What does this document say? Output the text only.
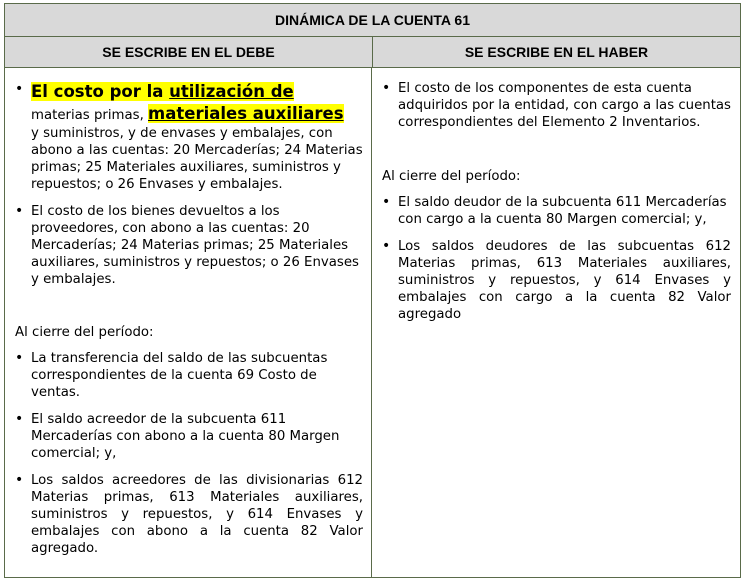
DINÁMICA DE LA CUENTA 61
SE ESCRIBE EN EL DEBE	SE ESCRIBE EN EL HABER
• El costo por la utilización de
materias primas, materiales auxiliares
y suministros, y de envases y embalajes, con abono a las cuentas: 20 Mercaderías; 24 Materias primas; 25 Materiales auxiliares, suministros y repuestos; o 26 Envases y embalajes.
• El costo de los bienes devueltos a los proveedores, con abono a las cuentas: 20 Mercaderías; 24 Materias primas; 25 Materiales auxiliares, suministros y repuestos; o 26 Envases y embalajes.
Al cierre del período:
• La transferencia del saldo de las subcuentas correspondientes de la cuenta 69 Costo de ventas.
• El saldo acreedor de la subcuenta 611 Mercaderías con abono a la cuenta 80 Margen comercial; y,
• Los saldos acreedores de las divisionarias 612 Materias primas, 613 Materiales auxiliares, suministros y repuestos, y 614 Envases y embalajes con abono a la cuenta 82 Valor agregado.
• El costo de los componentes de esta cuenta adquiridos por la entidad, con cargo a las cuentas correspondientes del Elemento 2 Inventarios.
Al cierre del período:
• El saldo deudor de la subcuenta 611 Mercaderías con cargo a la cuenta 80 Margen comercial; y,
• Los saldos deudores de las subcuentas 612 Materias primas, 613 Materiales auxiliares, suministros y repuestos, y 614 Envases y embalajes con cargo a la cuenta 82 Valor agregado
